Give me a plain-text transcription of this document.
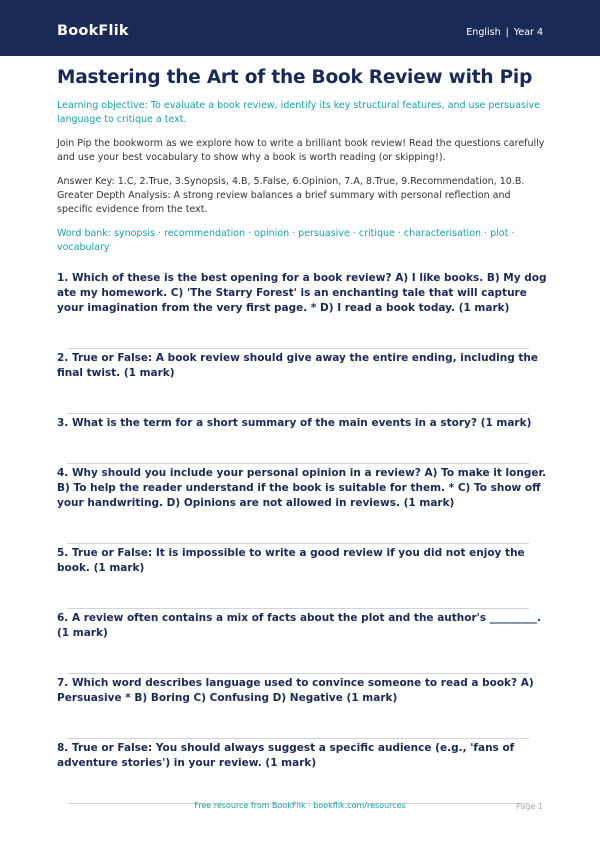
BookFlik	English | Year 4
Mastering the Art of the Book Review with Pip
Learning objective: To evaluate a book review, identify its key structural features, and use persuasive language to critique a text.
Join Pip the bookworm as we explore how to write a brilliant book review! Read the questions carefully and use your best vocabulary to show why a book is worth reading (or skipping!).
Answer Key: 1.C, 2.True, 3.Synopsis, 4.B, 5.False, 6.Opinion, 7.A, 8.True, 9.Recommendation, 10.B. Greater Depth Analysis: A strong review balances a brief summary with personal reflection and specific evidence from the text.
Word bank: synopsis · recommendation · opinion · persuasive · critique · characterisation · plot · vocabulary
1. Which of these is the best opening for a book review? A) I like books. B) My dog ate my homework. C) 'The Starry Forest' is an enchanting tale that will capture your imagination from the very first page. * D) I read a book today. (1 mark)
2. True or False: A book review should give away the entire ending, including the final twist. (1 mark)
3. What is the term for a short summary of the main events in a story? (1 mark)
4. Why should you include your personal opinion in a review? A) To make it longer. B) To help the reader understand if the book is suitable for them. * C) To show off your handwriting. D) Opinions are not allowed in reviews. (1 mark)
5. True or False: It is impossible to write a good review if you did not enjoy the book. (1 mark)
6. A review often contains a mix of facts about the plot and the author's _________. (1 mark)
7. Which word describes language used to convince someone to read a book? A) Persuasive * B) Boring C) Confusing D) Negative (1 mark)
8. True or False: You should always suggest a specific audience (e.g., 'fans of adventure stories') in your review. (1 mark)
Free resource from BookFlik · bookflik.com/resources	Page 1
